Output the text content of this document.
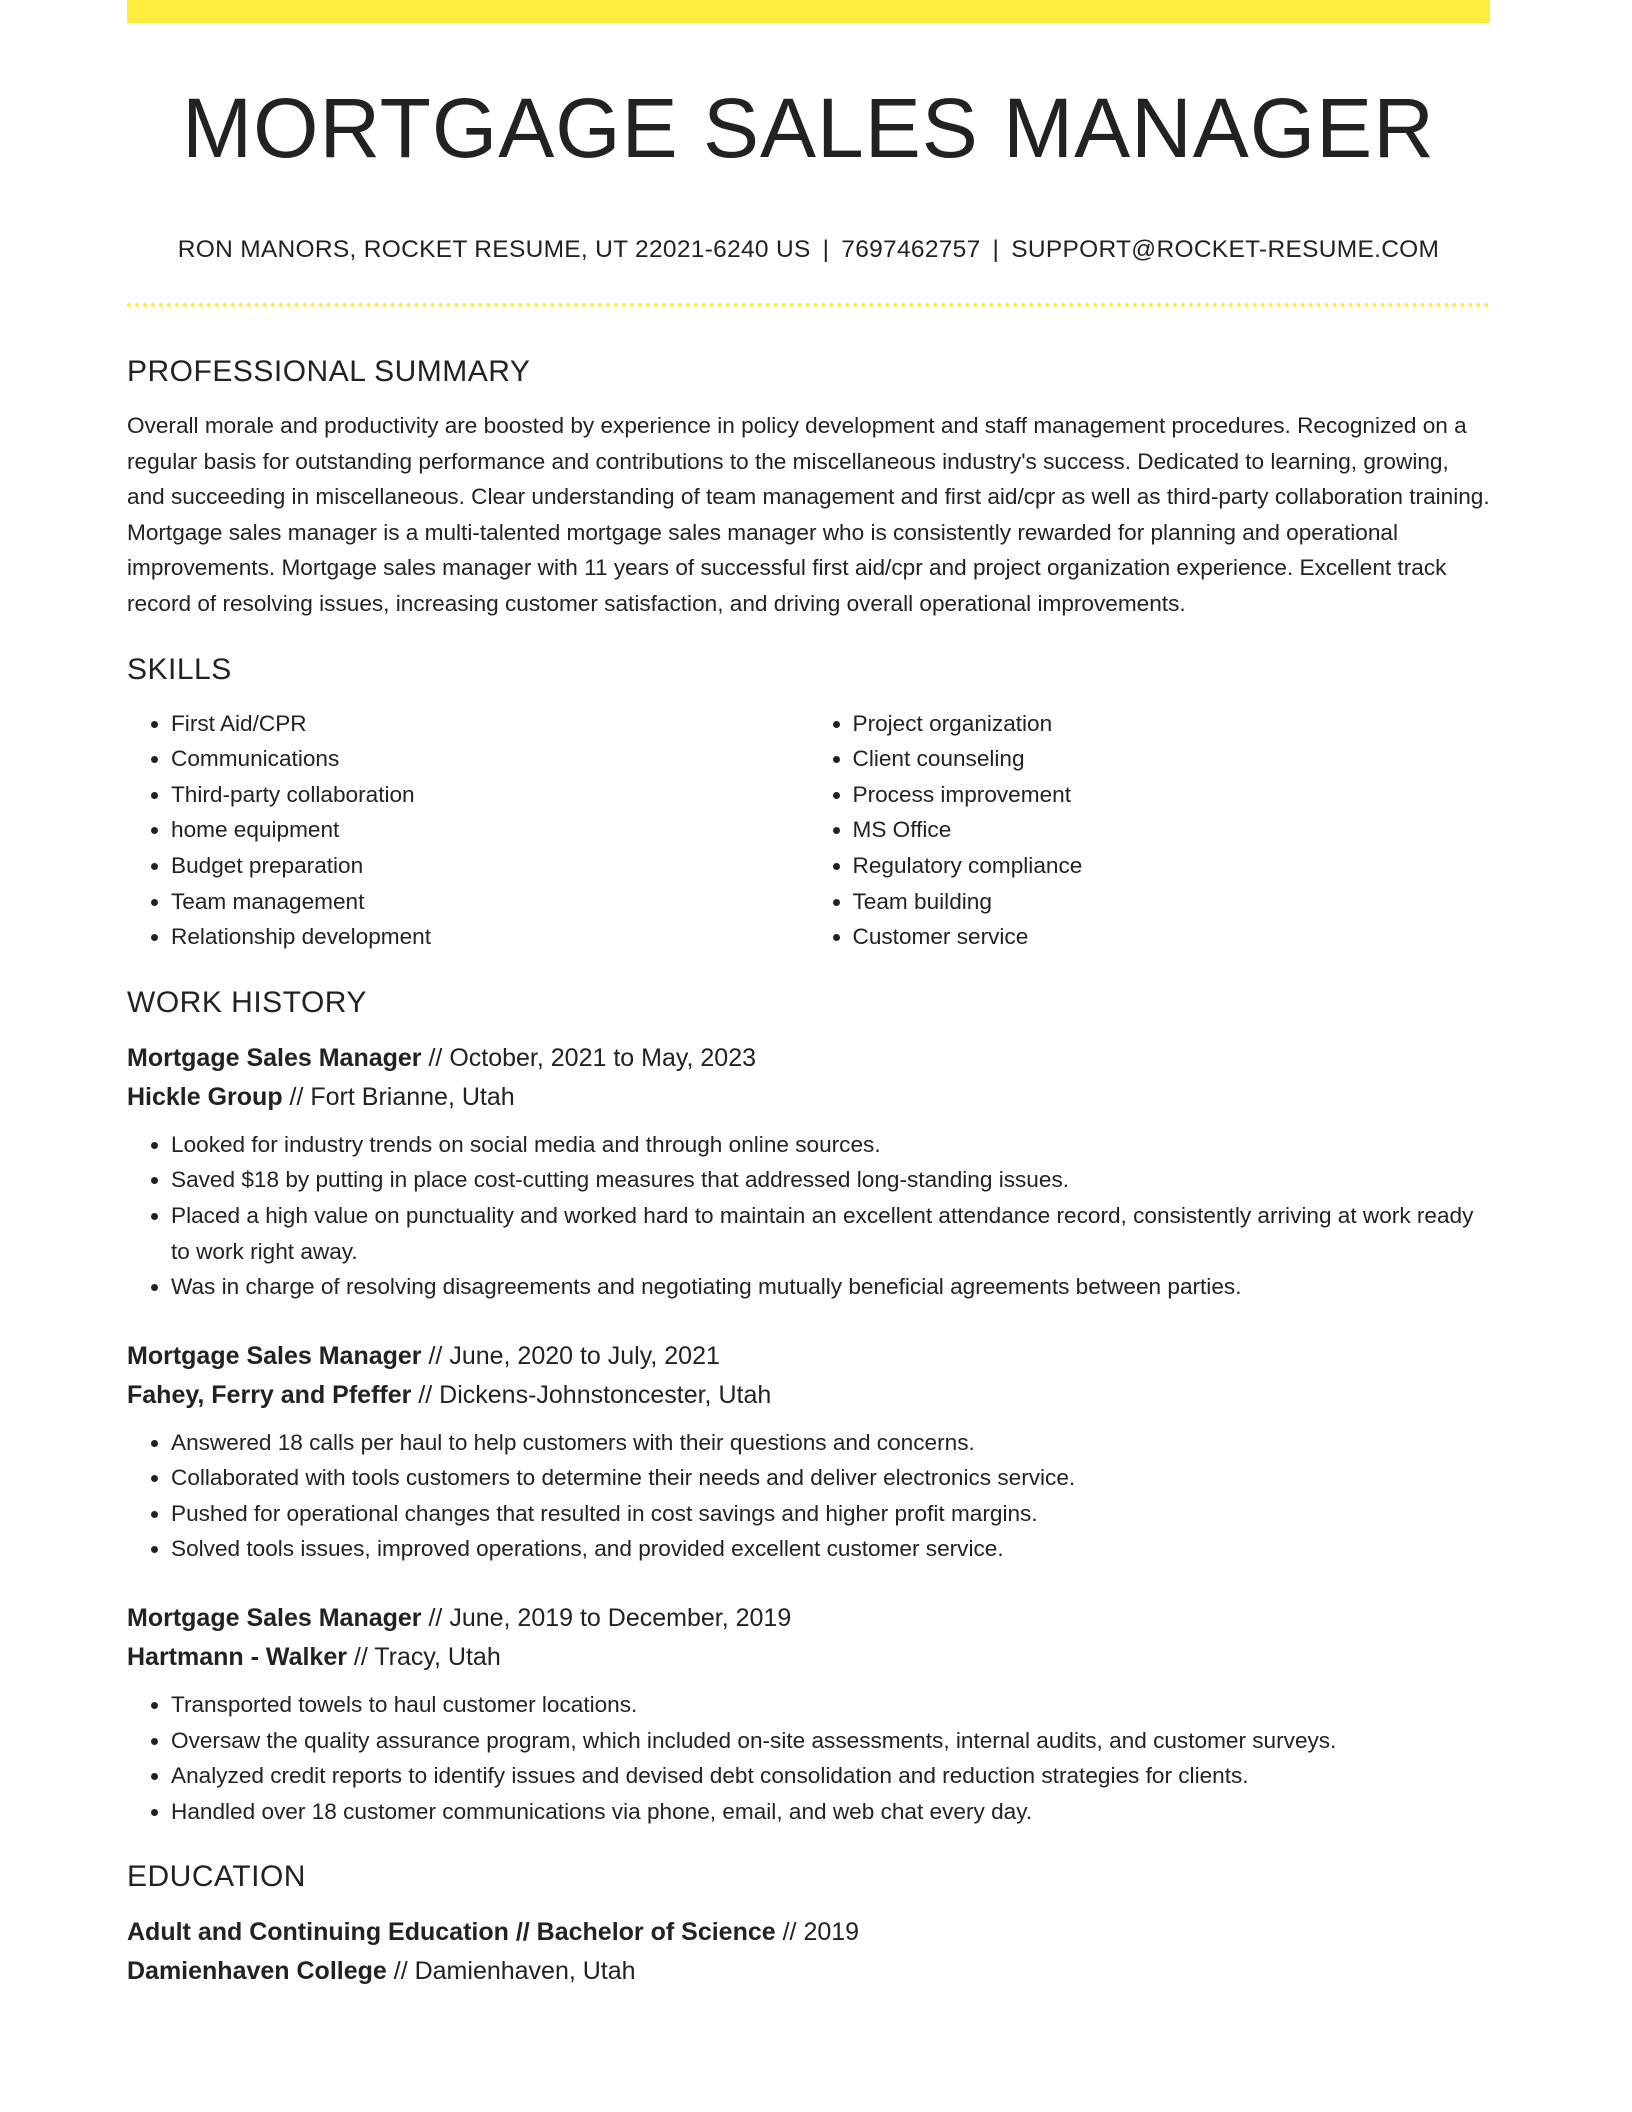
MORTGAGE SALES MANAGER
RON MANORS, ROCKET RESUME, UT 22021-6240 US | 7697462757 | SUPPORT@ROCKET-RESUME.COM
PROFESSIONAL SUMMARY

Overall morale and productivity are boosted by experience in policy development and staff management procedures. Recognized on a regular basis for outstanding performance and contributions to the miscellaneous industry's success. Dedicated to learning, growing, and succeeding in miscellaneous. Clear understanding of team management and first aid/cpr as well as third-party collaboration training. Mortgage sales manager is a multi-talented mortgage sales manager who is consistently rewarded for planning and operational improvements. Mortgage sales manager with 11 years of successful first aid/cpr and project organization experience. Excellent track record of resolving issues, increasing customer satisfaction, and driving overall operational improvements.

SKILLS
• First Aid/CPR
• Communications
• Third-party collaboration
• home equipment
• Budget preparation
• Team management
• Relationship development
• Project organization
• Client counseling
• Process improvement
• MS Office
• Regulatory compliance
• Team building
• Customer service
WORK HISTORY
Mortgage Sales Manager // October, 2021 to May, 2023
Hickle Group // Fort Brianne, Utah
• Looked for industry trends on social media and through online sources.
• Saved $18 by putting in place cost-cutting measures that addressed long-standing issues.
• Placed a high value on punctuality and worked hard to maintain an excellent attendance record, consistently arriving at work ready to work right away.
• Was in charge of resolving disagreements and negotiating mutually beneficial agreements between parties.
Mortgage Sales Manager // June, 2020 to July, 2021
Fahey, Ferry and Pfeffer // Dickens-Johnstoncester, Utah
• Answered 18 calls per haul to help customers with their questions and concerns.
• Collaborated with tools customers to determine their needs and deliver electronics service.
• Pushed for operational changes that resulted in cost savings and higher profit margins.
• Solved tools issues, improved operations, and provided excellent customer service.
Mortgage Sales Manager // June, 2019 to December, 2019
Hartmann - Walker // Tracy, Utah
• Transported towels to haul customer locations.
• Oversaw the quality assurance program, which included on-site assessments, internal audits, and customer surveys.
• Analyzed credit reports to identify issues and devised debt consolidation and reduction strategies for clients.
• Handled over 18 customer communications via phone, email, and web chat every day.
EDUCATION
Adult and Continuing Education // Bachelor of Science // 2019
Damienhaven College // Damienhaven, Utah
